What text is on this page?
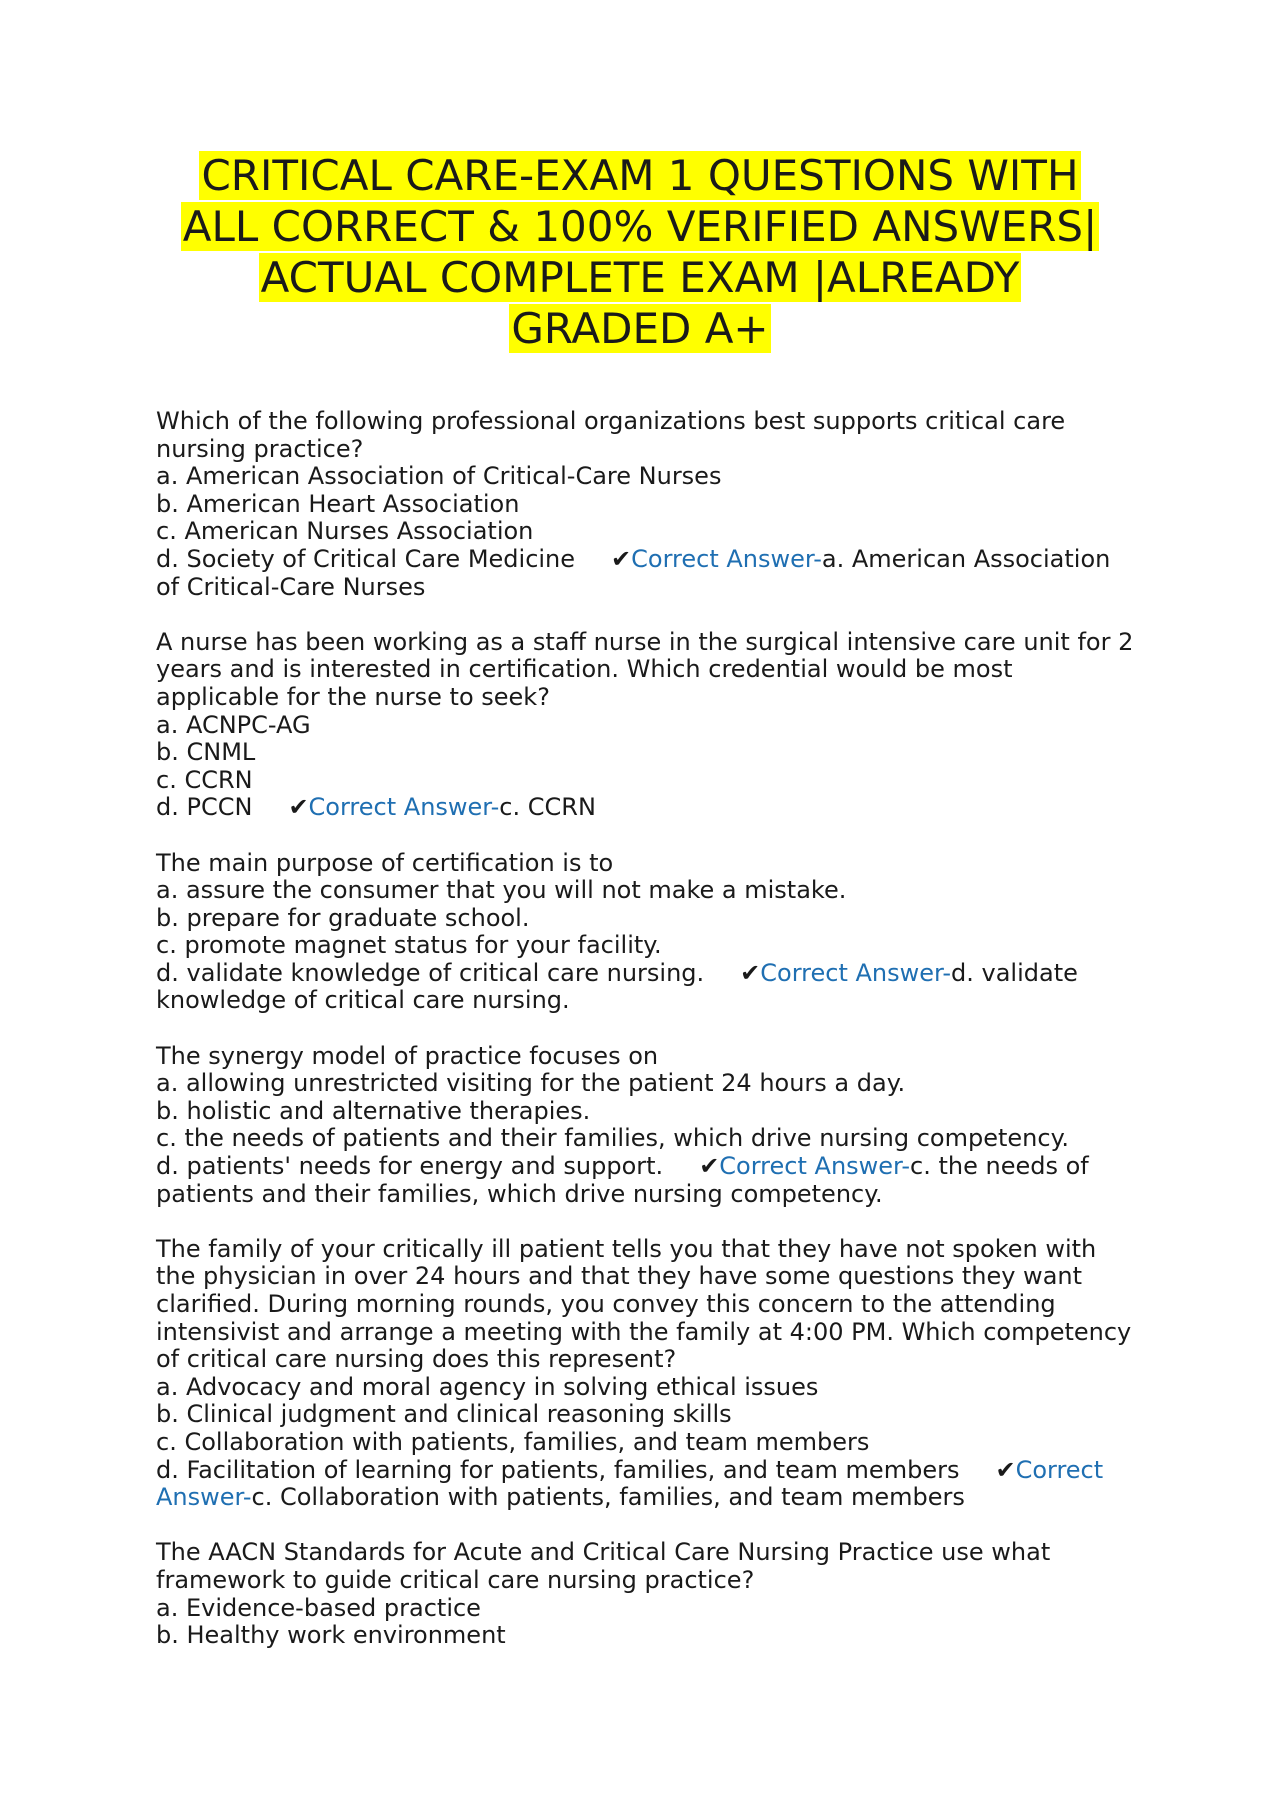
CRITICAL CARE-EXAM 1 QUESTIONS WITH
ALL CORRECT & 100% VERIFIED ANSWERS|
ACTUAL COMPLETE EXAM |ALREADY
GRADED A+
Which of the following professional organizations best supports critical care
nursing practice?
a. American Association of Critical-Care Nurses
b. American Heart Association
c. American Nurses Association
d. Society of Critical Care Medicine ✔Correct Answer-a. American Association
of Critical-Care Nurses
A nurse has been working as a staff nurse in the surgical intensive care unit for 2
years and is interested in certification. Which credential would be most
applicable for the nurse to seek?
a. ACNPC-AG
b. CNML
c. CCRN
d. PCCN ✔Correct Answer-c. CCRN
The main purpose of certification is to
a. assure the consumer that you will not make a mistake.
b. prepare for graduate school.
c. promote magnet status for your facility.
d. validate knowledge of critical care nursing. ✔Correct Answer-d. validate
knowledge of critical care nursing.
The synergy model of practice focuses on
a. allowing unrestricted visiting for the patient 24 hours a day.
b. holistic and alternative therapies.
c. the needs of patients and their families, which drive nursing competency.
d. patients' needs for energy and support. ✔Correct Answer-c. the needs of
patients and their families, which drive nursing competency.
The family of your critically ill patient tells you that they have not spoken with
the physician in over 24 hours and that they have some questions they want
clarified. During morning rounds, you convey this concern to the attending
intensivist and arrange a meeting with the family at 4:00 PM. Which competency
of critical care nursing does this represent?
a. Advocacy and moral agency in solving ethical issues
b. Clinical judgment and clinical reasoning skills
c. Collaboration with patients, families, and team members
d. Facilitation of learning for patients, families, and team members ✔Correct
Answer-c. Collaboration with patients, families, and team members
The AACN Standards for Acute and Critical Care Nursing Practice use what
framework to guide critical care nursing practice?
a. Evidence-based practice
b. Healthy work environment
